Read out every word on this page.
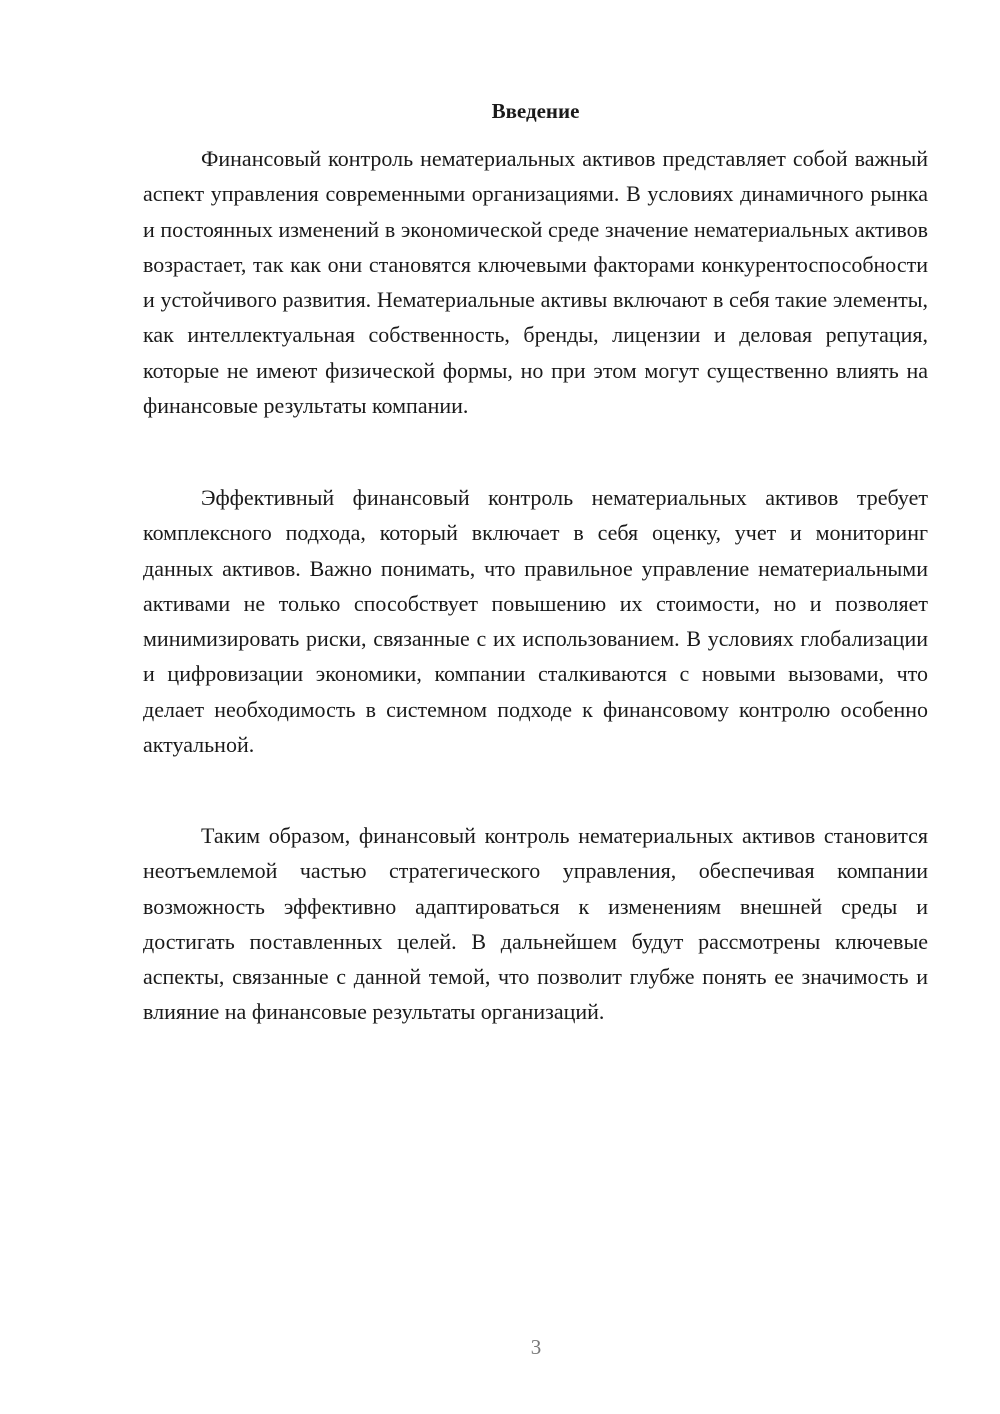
Введение

Финансовый контроль нематериальных активов представляет собой важный аспект управления современными организациями. В условиях динамичного рынка и постоянных изменений в экономической среде значение нематериальных активов возрастает, так как они становятся ключевыми факторами конкурентоспособности и устойчивого развития. Нематериальные активы включают в себя такие элементы, как интеллектуальная собственность, бренды, лицензии и деловая репутация, которые не имеют физической формы, но при этом могут существенно влиять на финансовые результаты компании.

Эффективный финансовый контроль нематериальных активов требует комплексного подхода, который включает в себя оценку, учет и мониторинг данных активов. Важно понимать, что правильное управление нематериальными активами не только способствует повышению их стоимости, но и позволяет минимизировать риски, связанные с их использованием. В условиях глобализации и цифровизации экономики, компании сталкиваются с новыми вызовами, что делает необходимость в системном подходе к финансовому контролю особенно актуальной.

Таким образом, финансовый контроль нематериальных активов становится неотъемлемой частью стратегического управления, обеспечивая компании возможность эффективно адаптироваться к изменениям внешней среды и достигать поставленных целей. В дальнейшем будут рассмотрены ключевые аспекты, связанные с данной темой, что позволит глубже понять ее значимость и влияние на финансовые результаты организаций.

3
